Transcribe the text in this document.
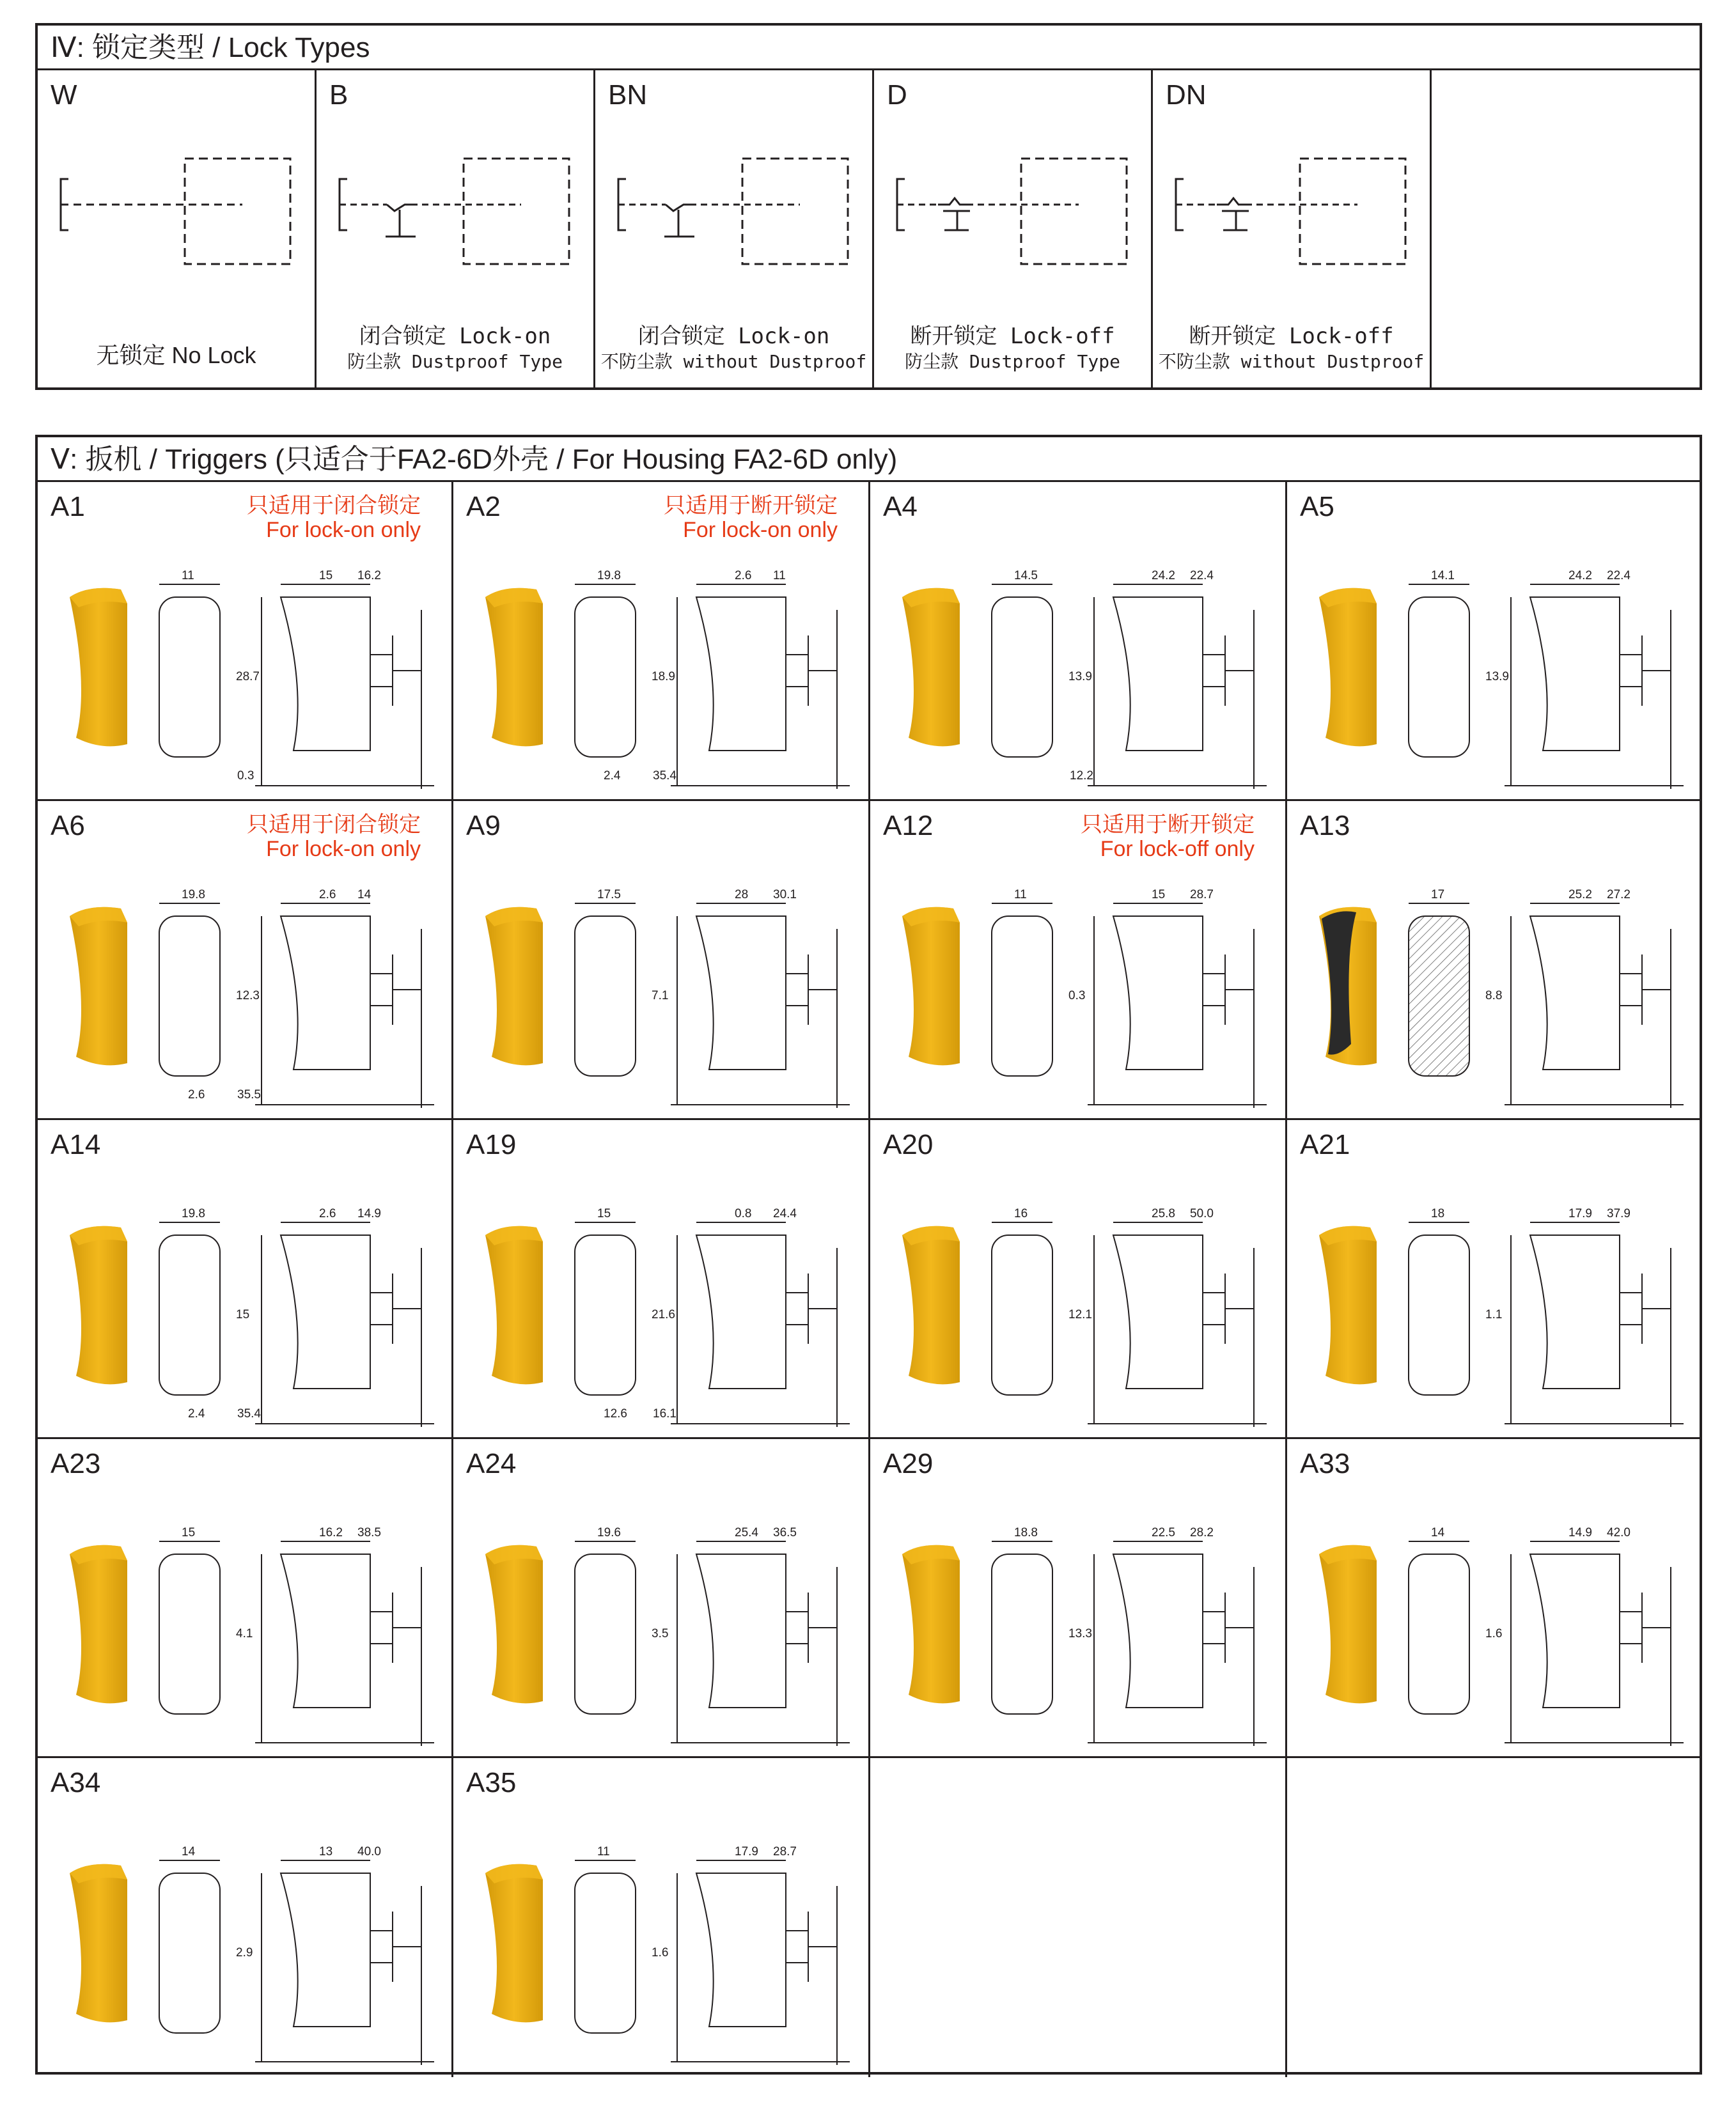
Ⅳ: 锁定类型 / Lock Types
W
无锁定 No Lock
B
闭合锁定 Lock-on
防尘款 Dustproof Type
BN
闭合锁定 Lock-on
不防尘款 without Dustproof
D
断开锁定 Lock-off
防尘款 Dustproof Type
DN
断开锁定 Lock-off
不防尘款 without Dustproof
Ⅴ: 扳机 / Triggers (只适合于FA2-6D外壳 / For Housing FA2-6D only)
A1	只适用于闭合锁定
For lock-on only
11	15 16.2
28.7
0.3
A2	只适用于断开锁定
For lock-on only
19.8	2.6 11
18.9
35.4
2.4
A4
14.5	24.2 22.4
13.9
12.2
A5
14.1	24.2 22.4
13.9
A6	只适用于闭合锁定
For lock-on only
19.8	2.6 14
12.3
35.5
2.6
A9
17.5	28 30.1
7.1
A12	只适用于断开锁定
For lock-off only
11	15 28.7
0.3
A13
17	25.2 27.2
8.8
A14
19.8	2.6 14.9
15
35.4
2.4
A19
15	0.8 24.4
21.6
16.1
12.6
A20
16	25.8 50.0
12.1
A21
18	17.9 37.9
1.1
A23
15	16.2 38.5
4.1
A24
19.6	25.4 36.5
3.5
A29
18.8	22.5 28.2
13.3
A33
14	14.9 42.0
1.6
A34
14	13 40.0
2.9
A35
11	17.9 28.7
1.6
